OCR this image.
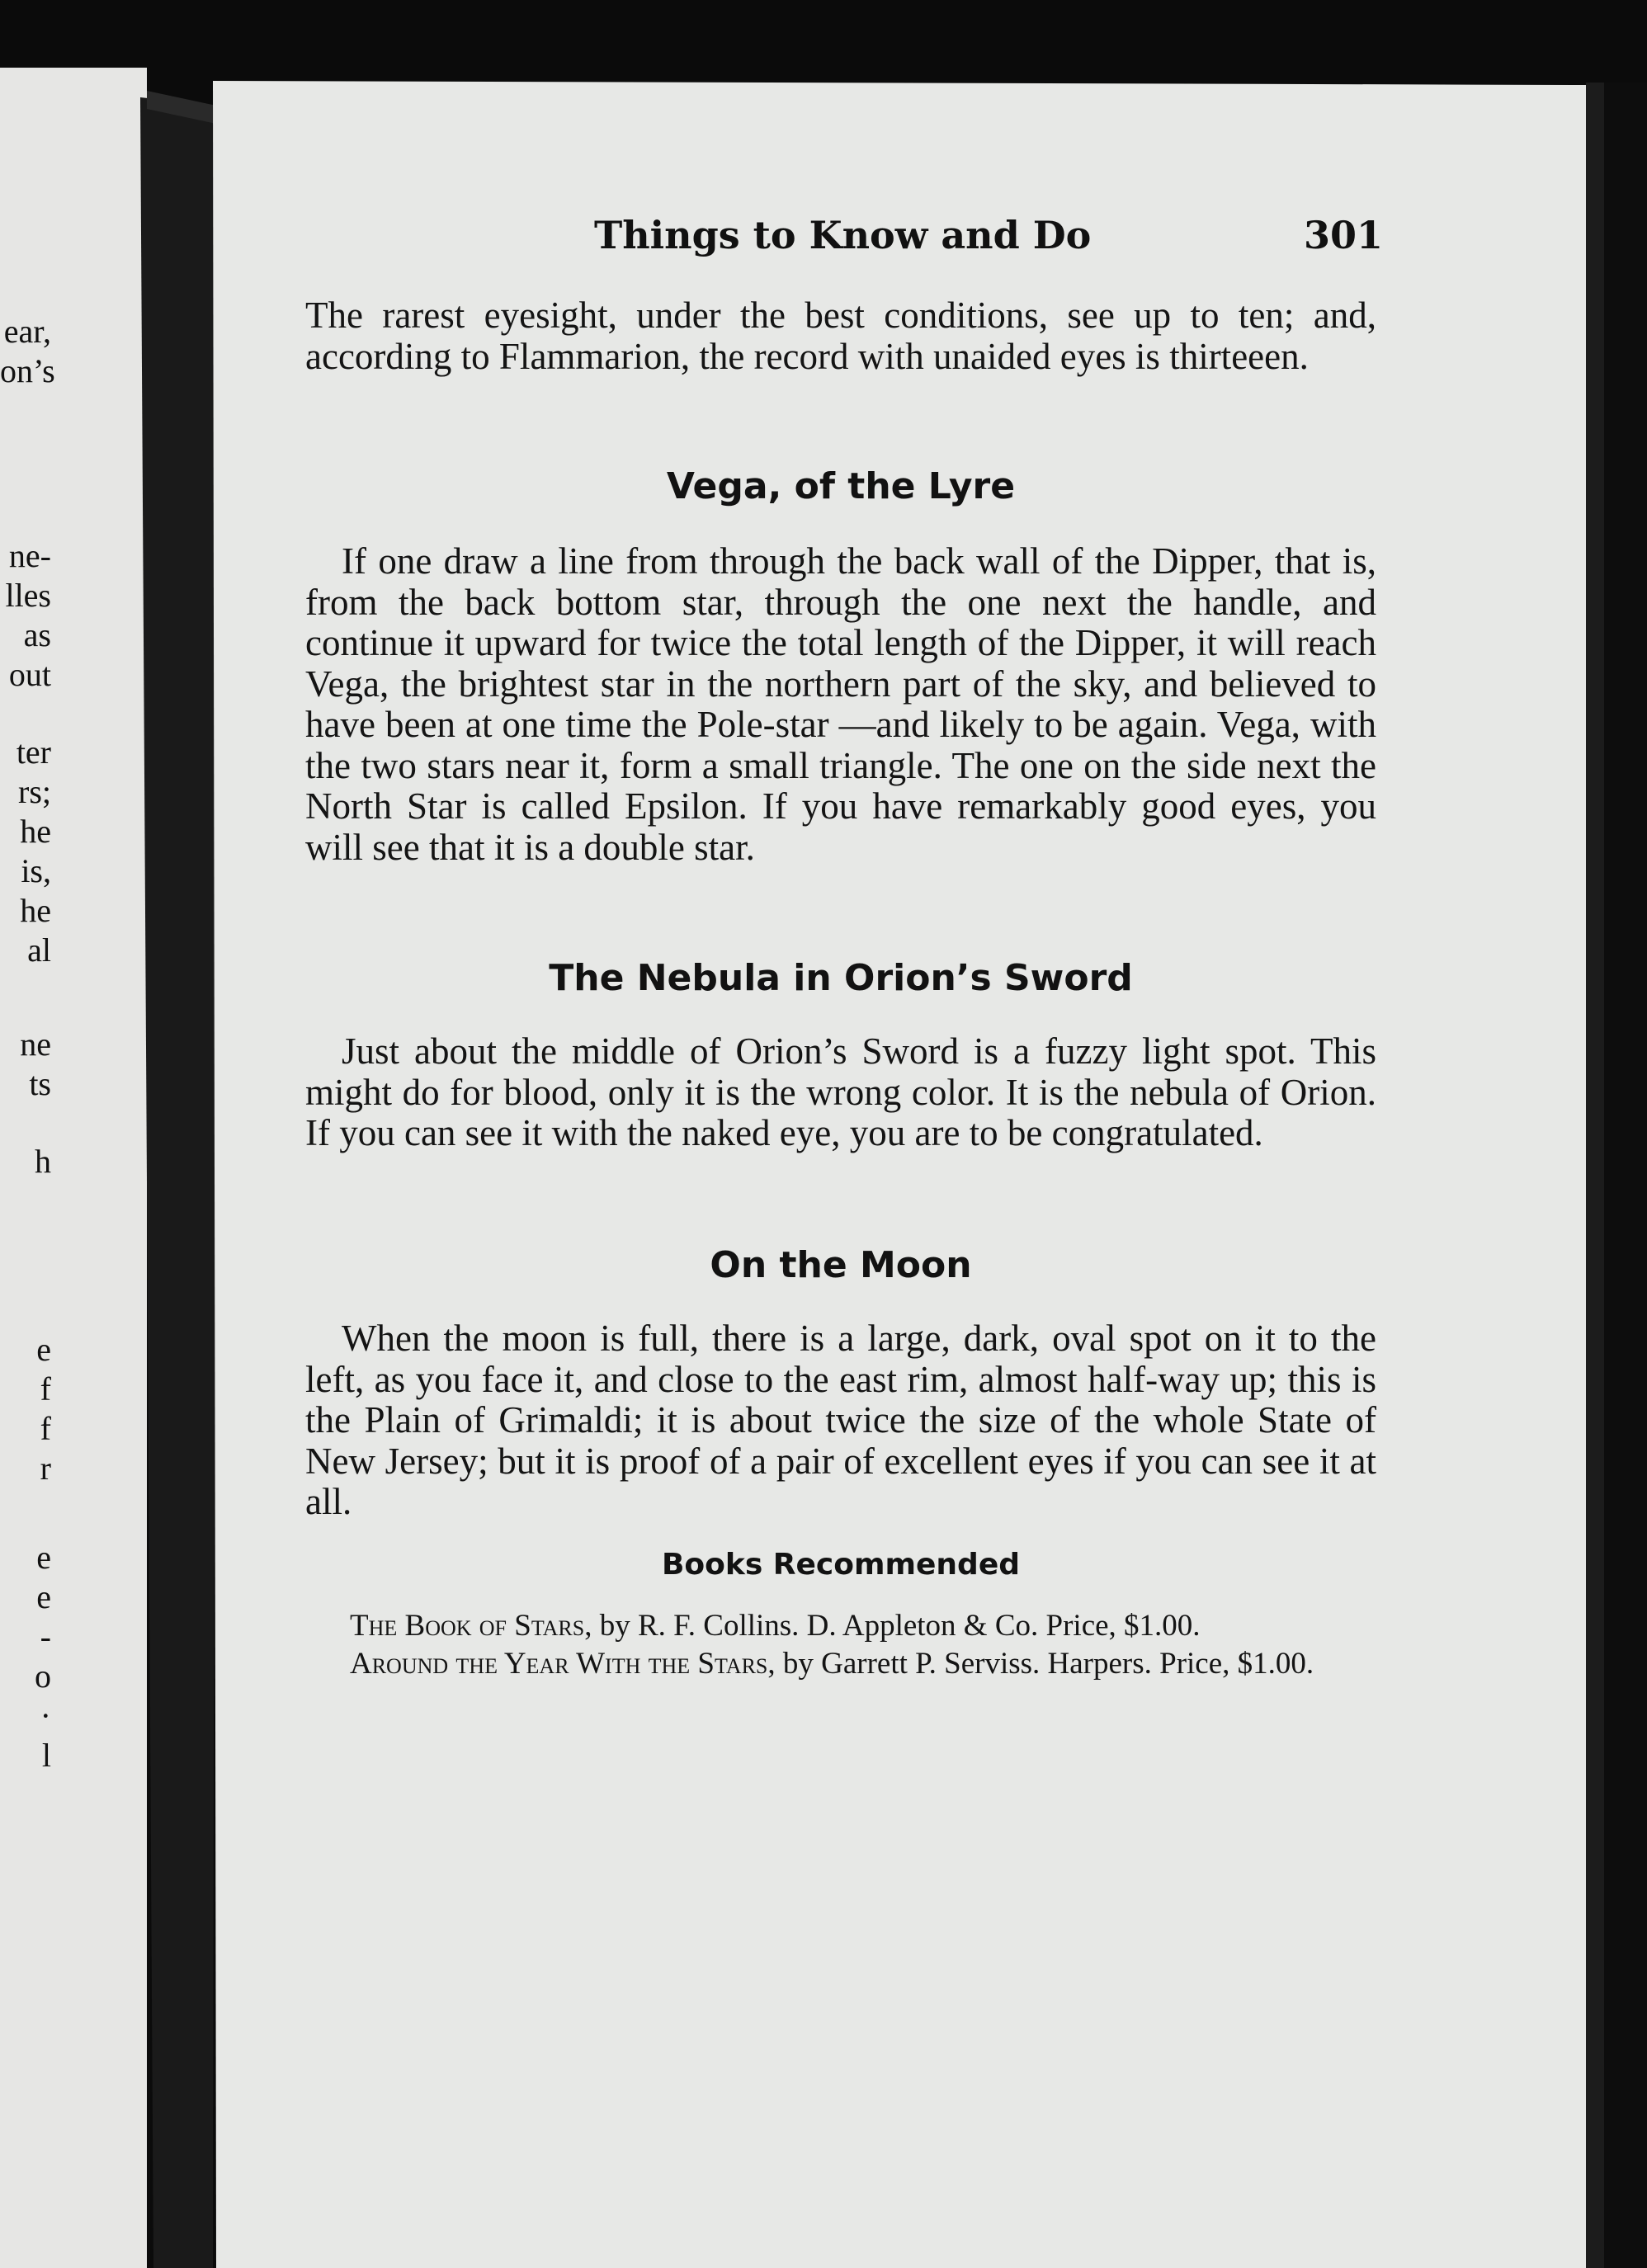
ear,

on’s

ne-

lles

as

out

ter

rs;

he

is,

he

al

ne

ts

h

e

f

f

r

e

e

-

o

·

l

Things to Know and Do	301

The rarest eyesight, under the best conditions, see up to ten; and, according to Flammarion, the record with unaided eyes is thirteeen.

Vega, of the Lyre

If one draw a line from through the back wall of the Dipper, that is, from the back bottom star, through the one next the handle, and continue it upward for twice the total length of the Dipper, it will reach Vega, the brightest star in the northern part of the sky, and believed to have been at one time the Pole-star —and likely to be again. Vega, with the two stars near it, form a small triangle. The one on the side next the North Star is called Epsilon. If you have remarkably good eyes, you will see that it is a double star.

The Nebula in Orion’s Sword

Just about the middle of Orion’s Sword is a fuzzy light spot. This might do for blood, only it is the wrong color. It is the nebula of Orion. If you can see it with the naked eye, you are to be congratulated.

On the Moon

When the moon is full, there is a large, dark, oval spot on it to the left, as you face it, and close to the east rim, almost half-way up; this is the Plain of Grimaldi; it is about twice the size of the whole State of New Jersey; but it is proof of a pair of excellent eyes if you can see it at all.

Books Recommended
The Book of Stars, by R. F. Collins. D. Appleton & Co. Price, $1.00.
Around the Year With the Stars, by Garrett P. Serviss. Harpers. Price, $1.00.
